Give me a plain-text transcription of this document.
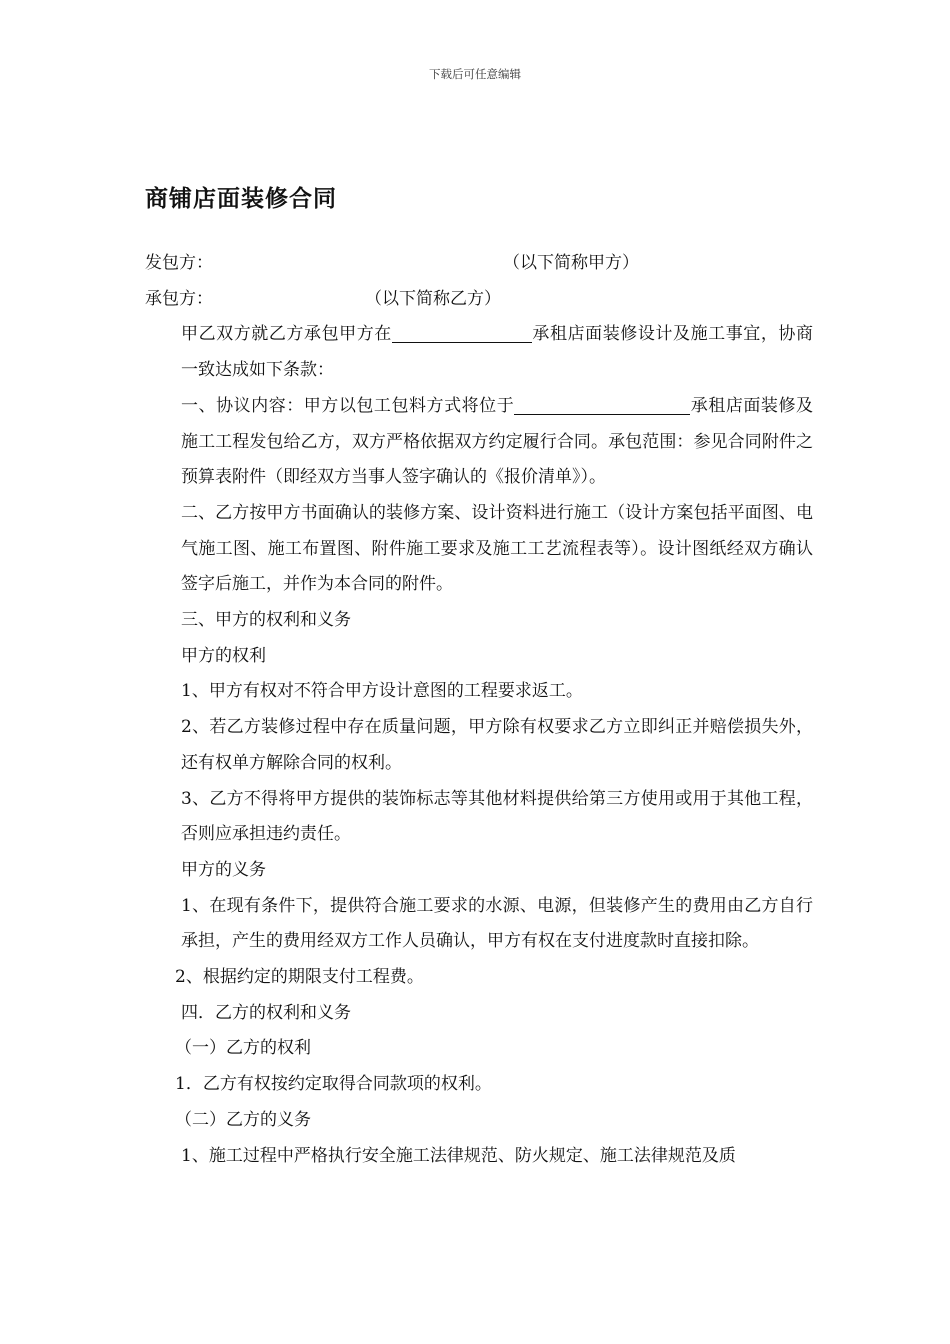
下载后可任意编辑
商铺店面装修合同

发包方：	（以下简称甲方）

承包方：	（以下简称乙方）

甲乙双方就乙方承包甲方在	承租店面装修设计及施工事宜，协商一致达成如下条款：

一、协议内容：甲方以包工包料方式将位于	承租店面装修及施工工程发包给乙方，双方严格依据双方约定履行合同。承包范围：参见合同附件之预算表附件（即经双方当事人签字确认的《报价清单》）。

二、乙方按甲方书面确认的装修方案、设计资料进行施工（设计方案包括平面图、电气施工图、施工布置图、附件施工要求及施工工艺流程表等）。设计图纸经双方确认签字后施工，并作为本合同的附件。

三、甲方的权利和义务

甲方的权利

1、甲方有权对不符合甲方设计意图的工程要求返工。

2、若乙方装修过程中存在质量问题，甲方除有权要求乙方立即纠正并赔偿损失外，还有权单方解除合同的权利。

3、乙方不得将甲方提供的装饰标志等其他材料提供给第三方使用或用于其他工程，否则应承担违约责任。

甲方的义务

1、在现有条件下，提供符合施工要求的水源、电源，但装修产生的费用由乙方自行承担，产生的费用经双方工作人员确认，甲方有权在支付进度款时直接扣除。

2、根据约定的期限支付工程费。

四．乙方的权利和义务

（一）乙方的权利

1．乙方有权按约定取得合同款项的权利。

（二）乙方的义务

1、施工过程中严格执行安全施工法律规范、防火规定、施工法律规范及质
